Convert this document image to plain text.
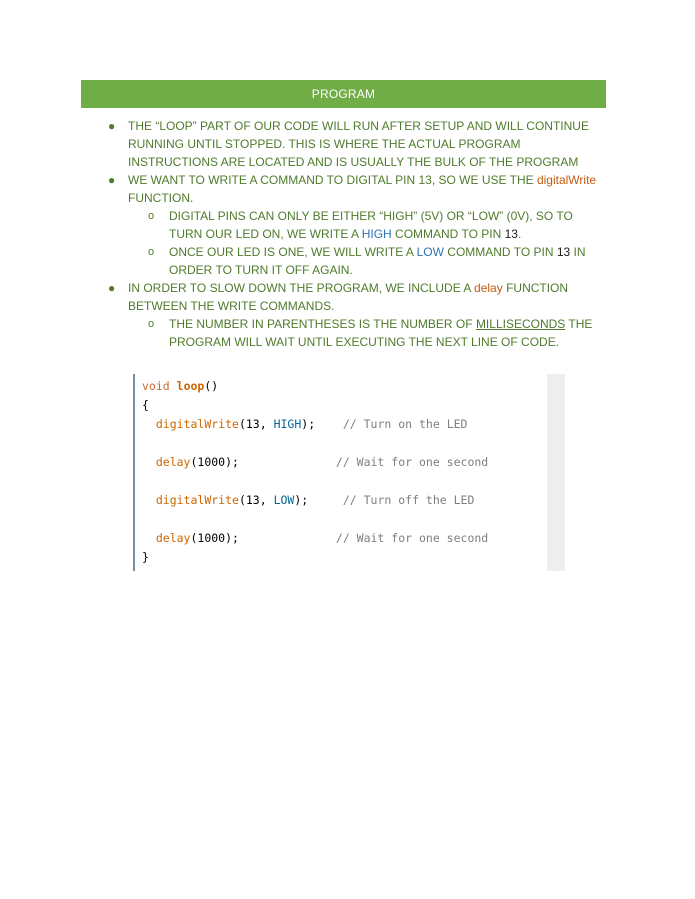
PROGRAM
● THE “LOOP” PART OF OUR CODE WILL RUN AFTER SETUP AND WILL CONTINUE RUNNING UNTIL STOPPED. THIS IS WHERE THE ACTUAL PROGRAM INSTRUCTIONS ARE LOCATED AND IS USUALLY THE BULK OF THE PROGRAM
● WE WANT TO WRITE A COMMAND TO DIGITAL PIN 13, SO WE USE THE digitalWrite FUNCTION.
o DIGITAL PINS CAN ONLY BE EITHER “HIGH” (5V) OR “LOW” (0V), SO TO TURN OUR LED ON, WE WRITE A HIGH COMMAND TO PIN 13.
o ONCE OUR LED IS ONE, WE WILL WRITE A LOW COMMAND TO PIN 13 IN ORDER TO TURN IT OFF AGAIN.
● IN ORDER TO SLOW DOWN THE PROGRAM, WE INCLUDE A delay FUNCTION BETWEEN THE WRITE COMMANDS.
o THE NUMBER IN PARENTHESES IS THE NUMBER OF MILLISECONDS THE PROGRAM WILL WAIT UNTIL EXECUTING THE NEXT LINE OF CODE.
void loop()
{
digitalWrite(13, HIGH); // Turn on the LED

delay(1000);	// Wait for one second

digitalWrite(13, LOW);	// Turn off the LED

delay(1000);	// Wait for one second
}
